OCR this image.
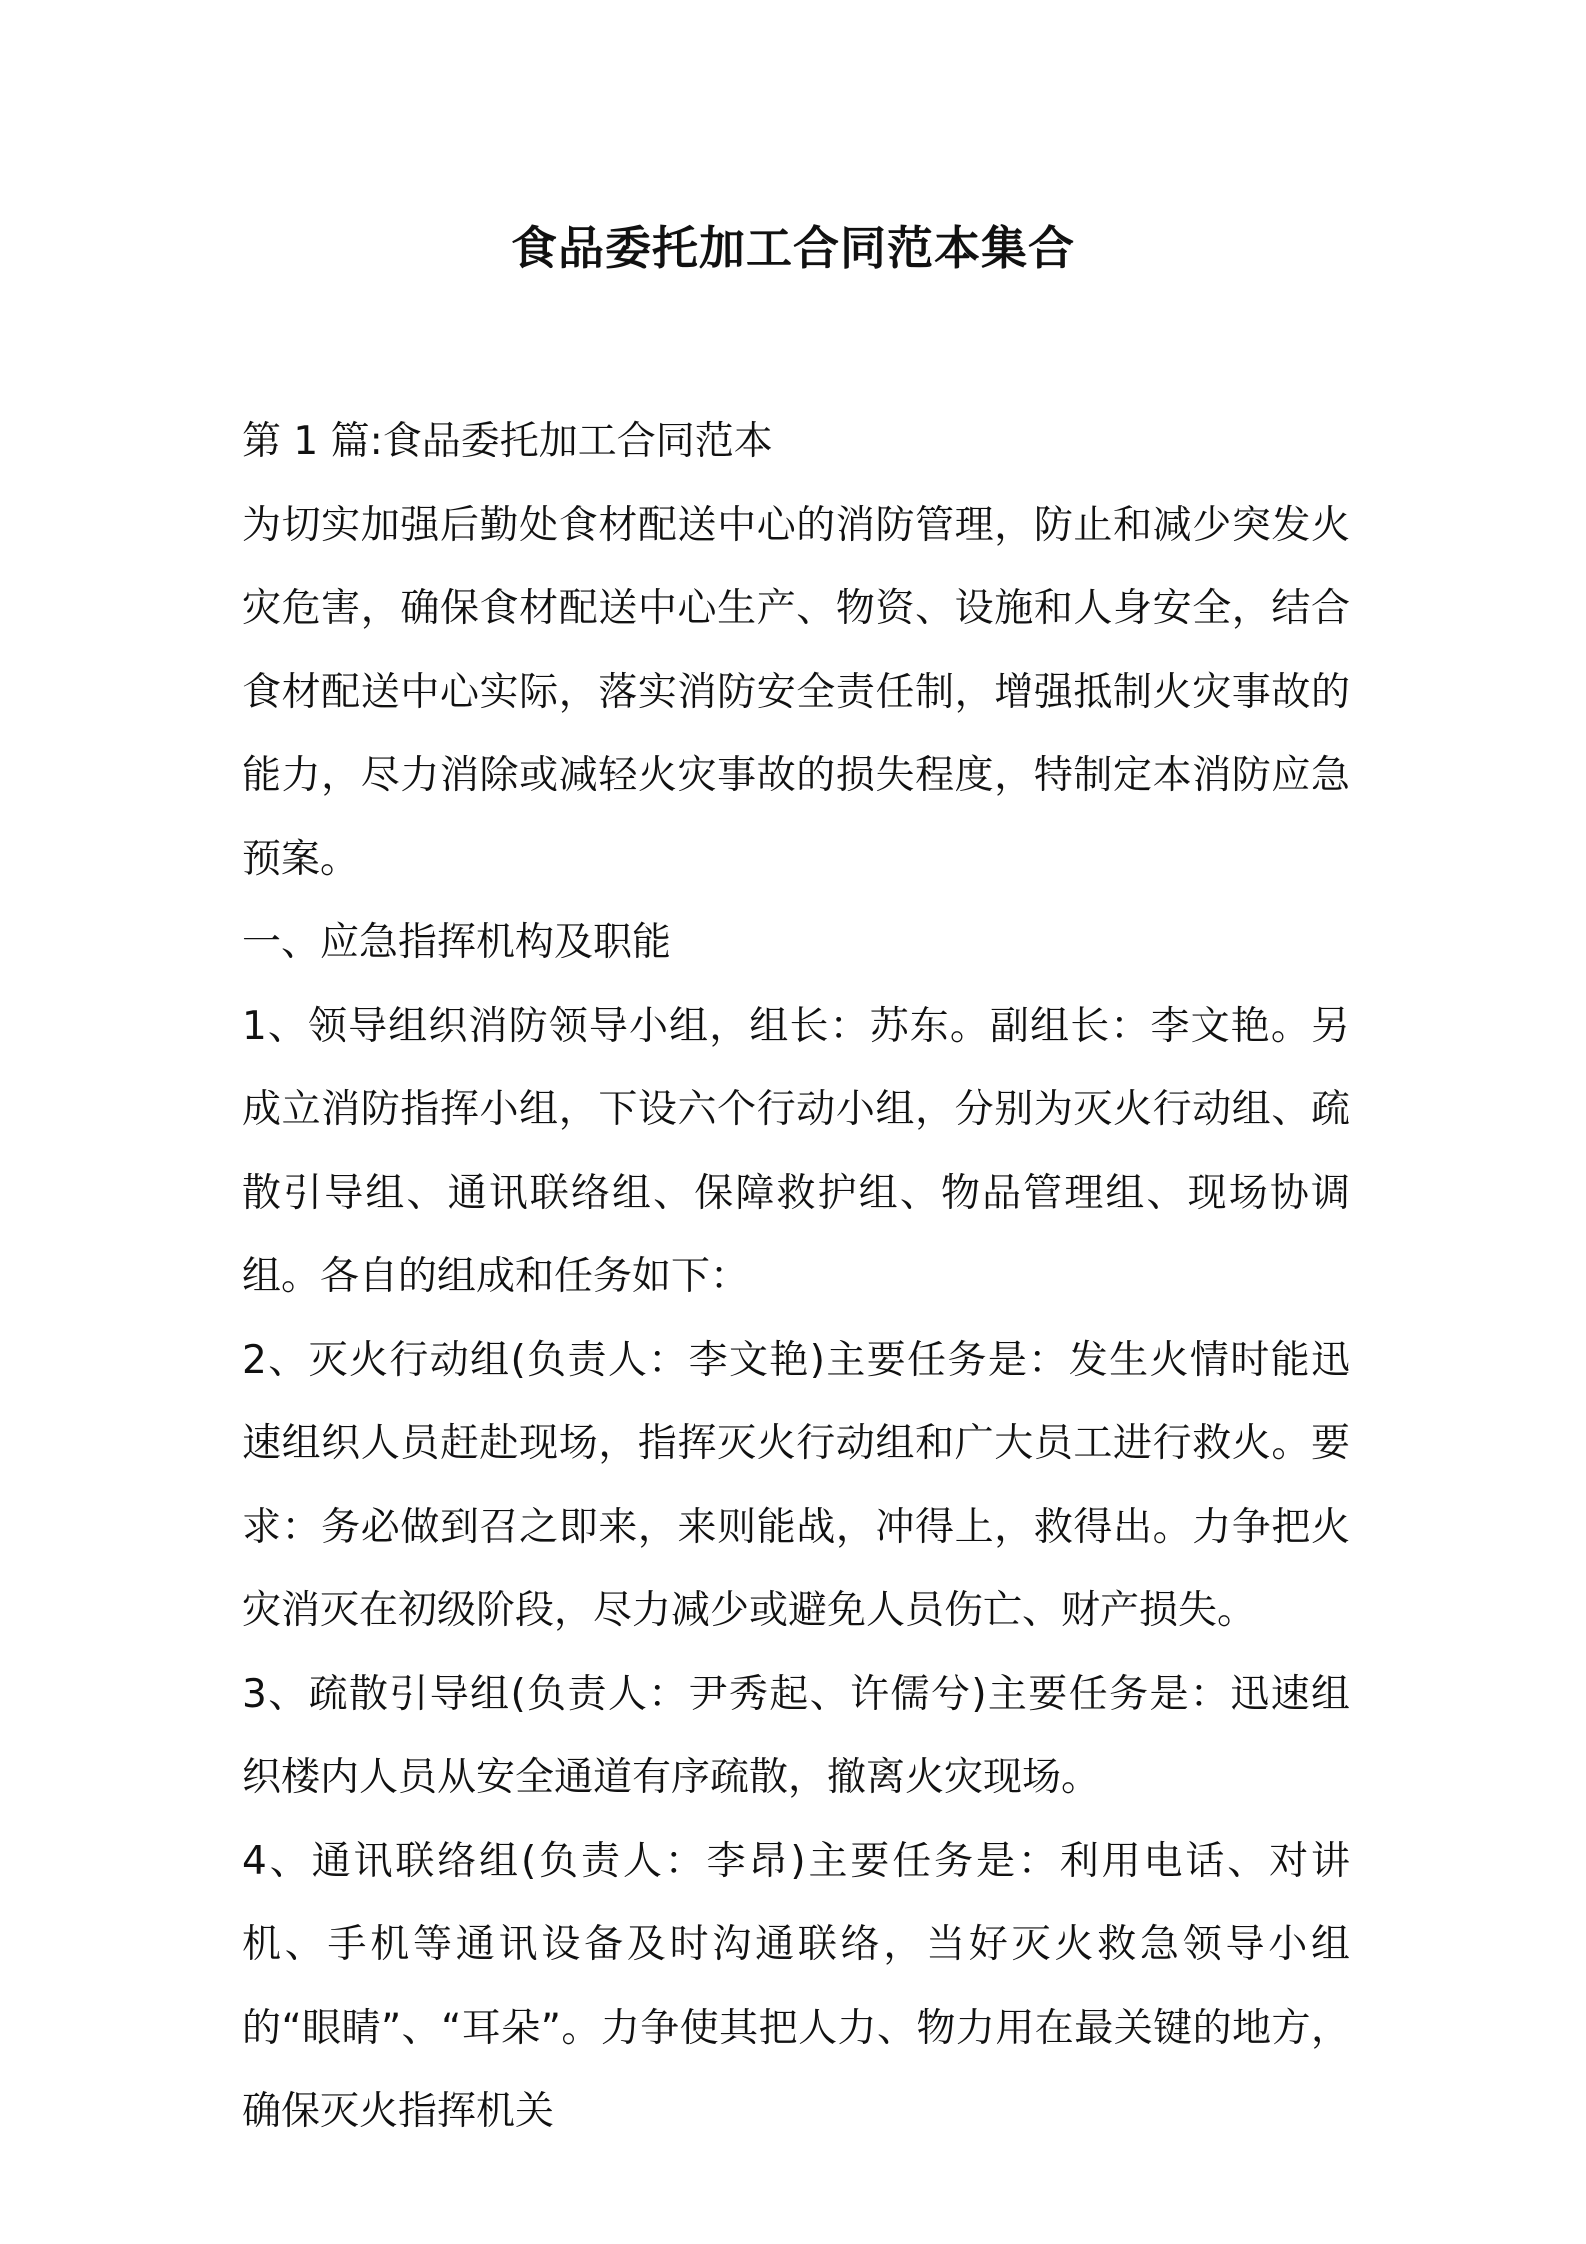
食品委托加工合同范本集合

第 1 篇:食品委托加工合同范本

为切实加强后勤处食材配送中心的消防管理，防止和减少突发火灾危害，确保食材配送中心生产、物资、设施和人身安全，结合食材配送中心实际，落实消防安全责任制，增强抵制火灾事故的能力，尽力消除或减轻火灾事故的损失程度，特制定本消防应急预案。

一、应急指挥机构及职能

1、领导组织消防领导小组，组长：苏东。副组长：李文艳。另成立消防指挥小组，下设六个行动小组，分别为灭火行动组、疏散引导组、通讯联络组、保障救护组、物品管理组、现场协调组。各自的组成和任务如下：

2、灭火行动组(负责人：李文艳)主要任务是：发生火情时能迅速组织人员赶赴现场，指挥灭火行动组和广大员工进行救火。要求：务必做到召之即来，来则能战，冲得上，救得出。力争把火灾消灭在初级阶段，尽力减少或避免人员伤亡、财产损失。

3、疏散引导组(负责人：尹秀起、许儒兮)主要任务是：迅速组织楼内人员从安全通道有序疏散，撤离火灾现场。

4、通讯联络组(负责人：李昂)主要任务是：利用电话、对讲机、手机等通讯设备及时沟通联络，当好灭火救急领导小组的“眼睛”、“耳朵”。力争使其把人力、物力用在最关键的地方，确保灭火指挥机关
